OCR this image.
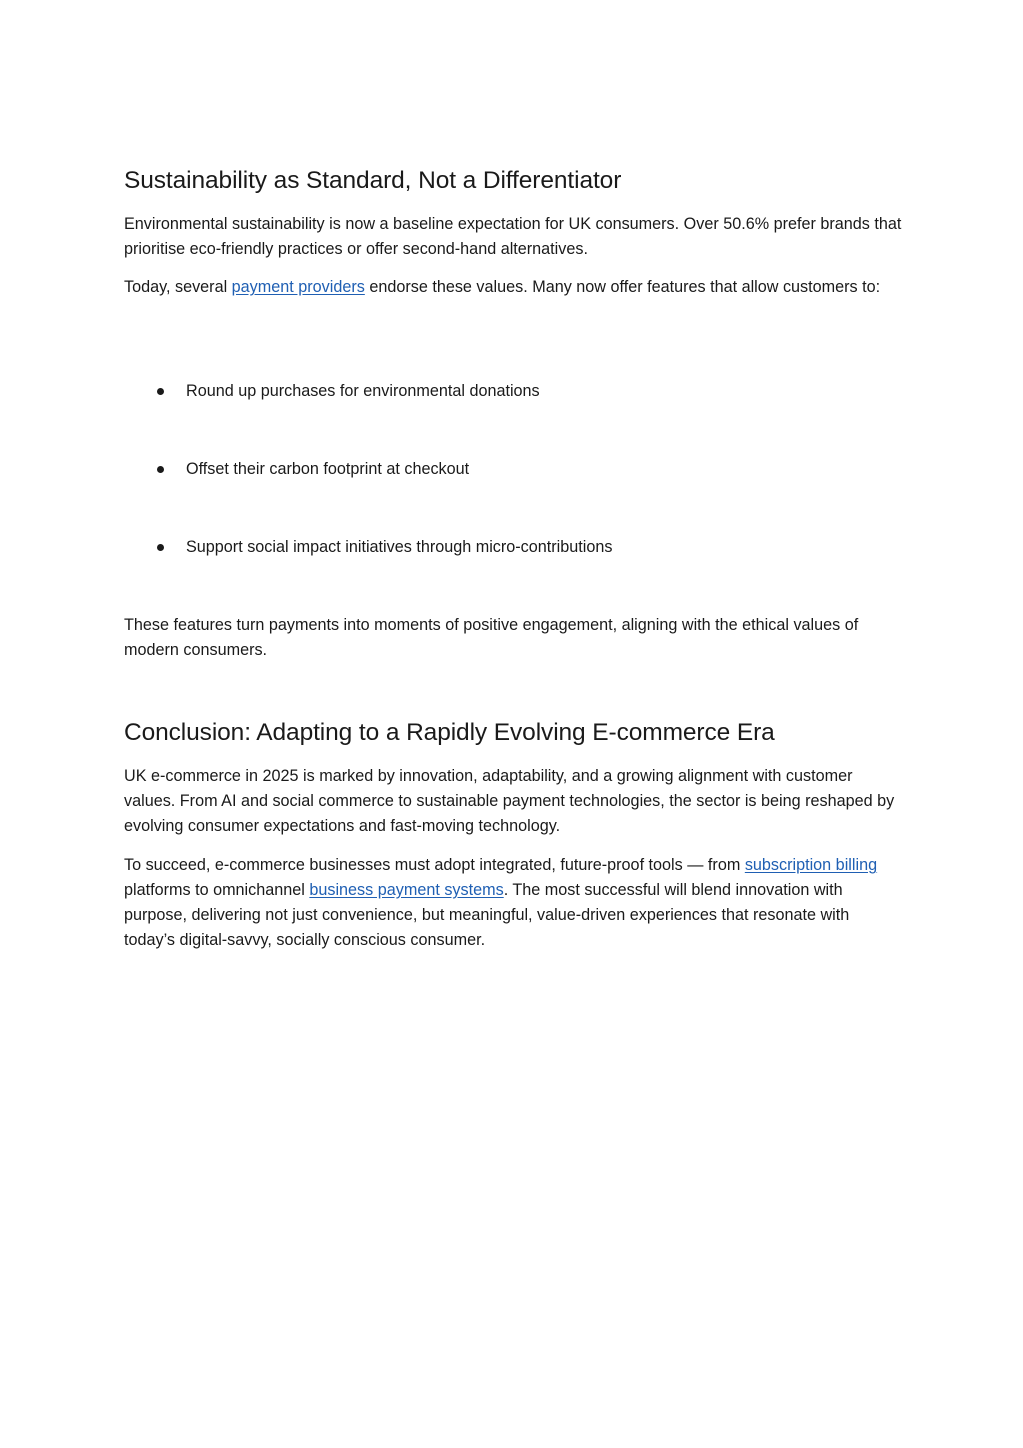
Sustainability as Standard, Not a Differentiator

Environmental sustainability is now a baseline expectation for UK consumers. Over 50.6% prefer brands that prioritise eco-friendly practices or offer second-hand alternatives.

Today, several payment providers endorse these values. Many now offer features that allow customers to:

Round up purchases for environmental donations
Offset their carbon footprint at checkout
Support social impact initiatives through micro-contributions

These features turn payments into moments of positive engagement, aligning with the ethical values of modern consumers.

Conclusion: Adapting to a Rapidly Evolving E-commerce Era

UK e-commerce in 2025 is marked by innovation, adaptability, and a growing alignment with customer values. From AI and social commerce to sustainable payment technologies, the sector is being reshaped by evolving consumer expectations and fast-moving technology.

To succeed, e-commerce businesses must adopt integrated, future-proof tools — from subscription billing platforms to omnichannel business payment systems. The most successful will blend innovation with purpose, delivering not just convenience, but meaningful, value-driven experiences that resonate with today’s digital-savvy, socially conscious consumer.
